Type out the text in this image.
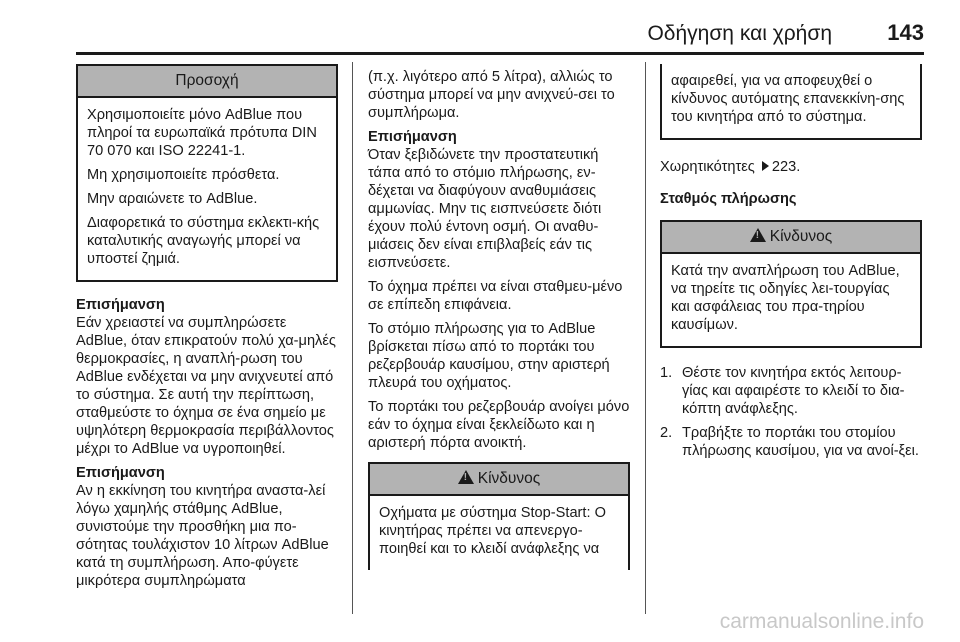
Οδήγηση και χρήση	143
Προσοχή

Χρησιμοποιείτε μόνο AdBlue που πληροί τα ευρωπαϊκά πρότυπα DIN 70 070 και ISO 22241-1.

Μη χρησιμοποιείτε πρόσθετα.

Μην αραιώνετε το AdBlue.

Διαφορετικά το σύστημα εκλεκτι-κής καταλυτικής αναγωγής μπορεί να υποστεί ζημιά.

Επισήμανση

Εάν χρειαστεί να συμπληρώσετε AdBlue, όταν επικρατούν πολύ χα-μηλές θερμοκρασίες, η αναπλή-ρωση του AdBlue ενδέχεται να μην ανιχνευτεί από το σύστημα. Σε αυτή την περίπτωση, σταθμεύστε το όχημα σε ένα σημείο με υψηλότερη θερμοκρασία περιβάλλοντος μέχρι το AdBlue να υγροποιηθεί.

Επισήμανση

Αν η εκκίνηση του κινητήρα αναστα-λεί λόγω χαμηλής στάθμης AdBlue, συνιστούμε την προσθήκη μια πο-σότητας τουλάχιστον 10 λίτρων AdBlue κατά τη συμπλήρωση. Απο-φύγετε μικρότερα συμπληρώματα

(π.χ. λιγότερο από 5 λίτρα), αλλιώς το σύστημα μπορεί να μην ανιχνεύ-σει το συμπλήρωμα.

Επισήμανση

Όταν ξεβιδώνετε την προστατευτική τάπα από το στόμιο πλήρωσης, εν-δέχεται να διαφύγουν αναθυμιάσεις αμμωνίας. Μην τις εισπνεύσετε διότι έχουν πολύ έντονη οσμή. Οι αναθυ-μιάσεις δεν είναι επιβλαβείς εάν τις εισπνεύσετε.

Το όχημα πρέπει να είναι σταθμευ-μένο σε επίπεδη επιφάνεια.

Το στόμιο πλήρωσης για το AdBlue βρίσκεται πίσω από το πορτάκι του ρεζερβουάρ καυσίμου, στην αριστερή πλευρά του οχήματος.

Το πορτάκι του ρεζερβουάρ ανοίγει μόνο εάν το όχημα είναι ξεκλείδωτο και η αριστερή πόρτα ανοικτή.

!Κίνδυνος

Οχήματα με σύστημα Stop-Start: Ο κινητήρας πρέπει να απενεργο-ποιηθεί και το κλειδί ανάφλεξης να

αφαιρεθεί, για να αποφευχθεί ο κίνδυνος αυτόματης επανεκκίνη-σης του κινητήρα από το σύστημα.

Χωρητικότητες 223.

Σταθμός πλήρωσης

!Κίνδυνος

Κατά την αναπλήρωση του AdBlue, να τηρείτε τις οδηγίες λει-τουργίας και ασφάλειας του πρα-τηρίου καυσίμων.

1. Θέστε τον κινητήρα εκτός λειτουρ-γίας και αφαιρέστε το κλειδί το δια-κόπτη ανάφλεξης.
2. Τραβήξτε το πορτάκι του στομίου πλήρωσης καυσίμου, για να ανοί-ξει.
carmanualsonline.info
